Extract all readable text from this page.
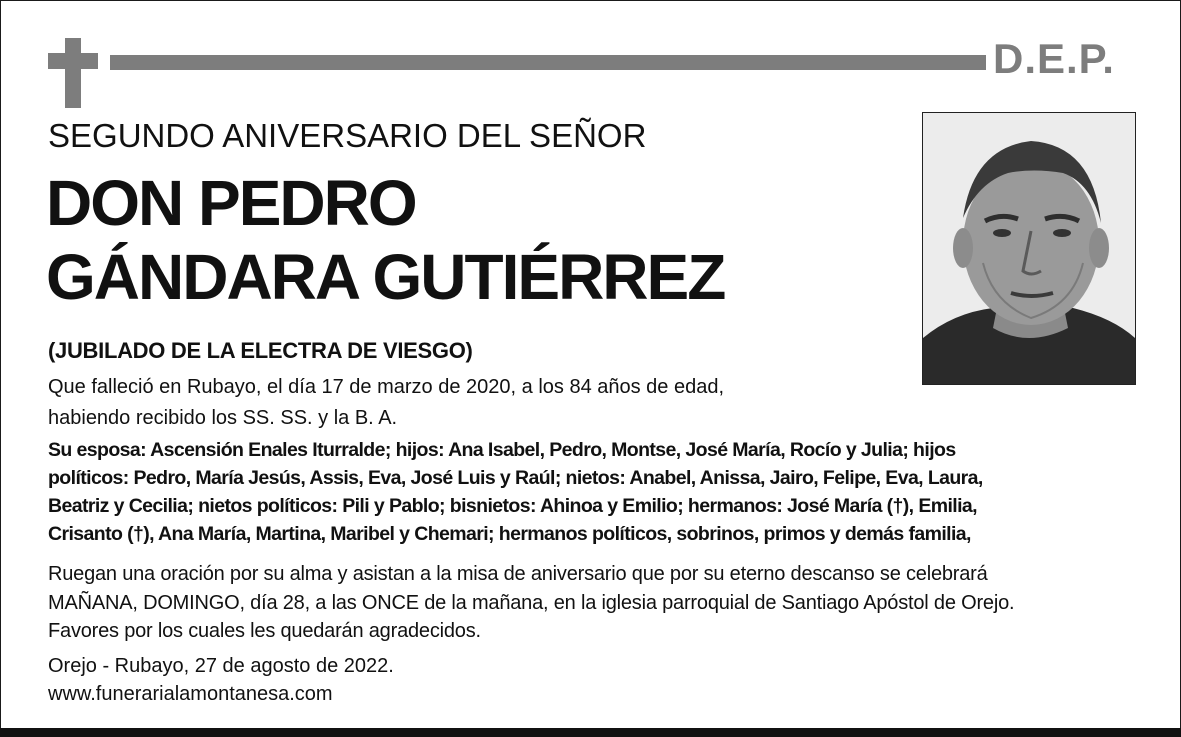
D.E.P.
SEGUNDO ANIVERSARIO DEL SEÑOR
DON PEDRO
GÁNDARA GUTIÉRREZ
(JUBILADO DE LA ELECTRA DE VIESGO)
Que falleció en Rubayo, el día 17 de marzo de 2020, a los 84 años de edad,
habiendo recibido los SS. SS. y la B. A.
Su esposa: Ascensión Enales Iturralde; hijos: Ana Isabel, Pedro, Montse, José María, Rocío y Julia; hijos
políticos: Pedro, María Jesús, Assis, Eva, José Luis y Raúl; nietos: Anabel, Anissa, Jairo, Felipe, Eva, Laura,
Beatriz y Cecilia; nietos políticos: Pili y Pablo; bisnietos: Ahinoa y Emilio; hermanos: José María (†), Emilia,
Crisanto (†), Ana María, Martina, Maribel y Chemari; hermanos políticos, sobrinos, primos y demás familia,
Ruegan una oración por su alma y asistan a la misa de aniversario que por su eterno descanso se celebrará
MAÑANA, DOMINGO, día 28, a las ONCE de la mañana, en la iglesia parroquial de Santiago Apóstol de Orejo.
Favores por los cuales les quedarán agradecidos.
Orejo - Rubayo, 27 de agosto de 2022.
www.funerarialamontanesa.com
